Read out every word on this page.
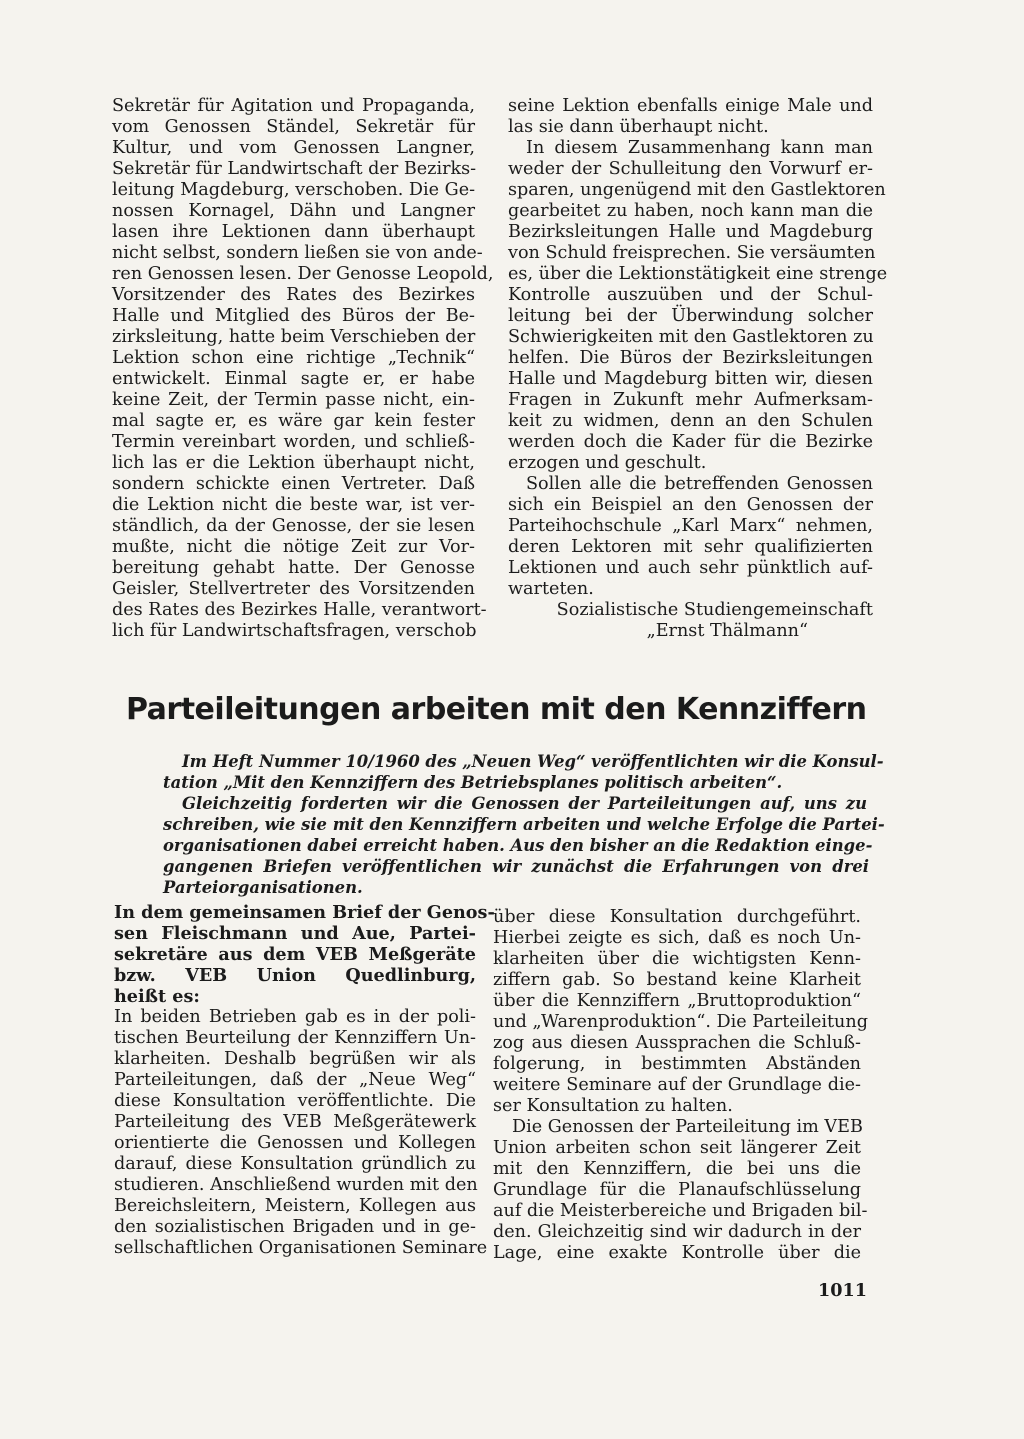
Sekretär für Agitation und Propaganda,

vom Genossen Ständel, Sekretär für

Kultur, und vom Genossen Langner,

Sekretär für Landwirtschaft der Bezirks-

leitung Magdeburg, verschoben. Die Ge-

nossen Kornagel, Dähn und Langner

lasen ihre Lektionen dann überhaupt

nicht selbst, sondern ließen sie von ande-

ren Genossen lesen. Der Genosse Leopold,

Vorsitzender des Rates des Bezirkes

Halle und Mitglied des Büros der Be-

zirksleitung, hatte beim Verschieben der

Lektion schon eine richtige „Technik“

entwickelt. Einmal sagte er, er habe

keine Zeit, der Termin passe nicht, ein-

mal sagte er, es wäre gar kein fester

Termin vereinbart worden, und schließ-

lich las er die Lektion überhaupt nicht,

sondern schickte einen Vertreter. Daß

die Lektion nicht die beste war, ist ver-

ständlich, da der Genosse, der sie lesen

mußte, nicht die nötige Zeit zur Vor-

bereitung gehabt hatte. Der Genosse

Geisler, Stellvertreter des Vorsitzenden

des Rates des Bezirkes Halle, verantwort-

lich für Landwirtschaftsfragen, verschob

seine Lektion ebenfalls einige Male und

las sie dann überhaupt nicht.

In diesem Zusammenhang kann man

weder der Schulleitung den Vorwurf er-

sparen, ungenügend mit den Gastlektoren

gearbeitet zu haben, noch kann man die

Bezirksleitungen Halle und Magdeburg

von Schuld freisprechen. Sie versäumten

es, über die Lektionstätigkeit eine strenge

Kontrolle auszuüben und der Schul-

leitung bei der Überwindung solcher

Schwierigkeiten mit den Gastlektoren zu

helfen. Die Büros der Bezirksleitungen

Halle und Magdeburg bitten wir, diesen

Fragen in Zukunft mehr Aufmerksam-

keit zu widmen, denn an den Schulen

werden doch die Kader für die Bezirke

erzogen und geschult.

Sollen alle die betreffenden Genossen

sich ein Beispiel an den Genossen der

Parteihochschule „Karl Marx“ nehmen,

deren Lektoren mit sehr qualifizierten

Lektionen und auch sehr pünktlich auf-

warteten.

Sozialistische Studiengemeinschaft

„Ernst Thälmann“

Parteileitungen arbeiten mit den Kennziffern

Im Heft Nummer 10/1960 des „Neuen Weg“ veröffentlichten wir die Konsul-

tation „Mit den Kennziffern des Betriebsplanes politisch arbeiten“.

Gleichzeitig forderten wir die Genossen der Parteileitungen auf, uns zu

schreiben, wie sie mit den Kennziffern arbeiten und welche Erfolge die Partei-

organisationen dabei erreicht haben. Aus den bisher an die Redaktion einge-

gangenen Briefen veröffentlichen wir zunächst die Erfahrungen von drei

Parteiorganisationen.

In dem gemeinsamen Brief der Genos-

sen Fleischmann und Aue, Partei-

sekretäre aus dem VEB Meßgeräte

bzw. VEB Union Quedlinburg,

heißt es:

In beiden Betrieben gab es in der poli-

tischen Beurteilung der Kennziffern Un-

klarheiten. Deshalb begrüßen wir als

Parteileitungen, daß der „Neue Weg“

diese Konsultation veröffentlichte. Die

Parteileitung des VEB Meßgerätewerk

orientierte die Genossen und Kollegen

darauf, diese Konsultation gründlich zu

studieren. Anschließend wurden mit den

Bereichsleitern, Meistern, Kollegen aus

den sozialistischen Brigaden und in ge-

sellschaftlichen Organisationen Seminare

über diese Konsultation durchgeführt.

Hierbei zeigte es sich, daß es noch Un-

klarheiten über die wichtigsten Kenn-

ziffern gab. So bestand keine Klarheit

über die Kennziffern „Bruttoproduktion“

und „Warenproduktion“. Die Parteileitung

zog aus diesen Aussprachen die Schluß-

folgerung, in bestimmten Abständen

weitere Seminare auf der Grundlage die-

ser Konsultation zu halten.

Die Genossen der Parteileitung im VEB

Union arbeiten schon seit längerer Zeit

mit den Kennziffern, die bei uns die

Grundlage für die Planaufschlüsselung

auf die Meisterbereiche und Brigaden bil-

den. Gleichzeitig sind wir dadurch in der

Lage, eine exakte Kontrolle über die

1011
